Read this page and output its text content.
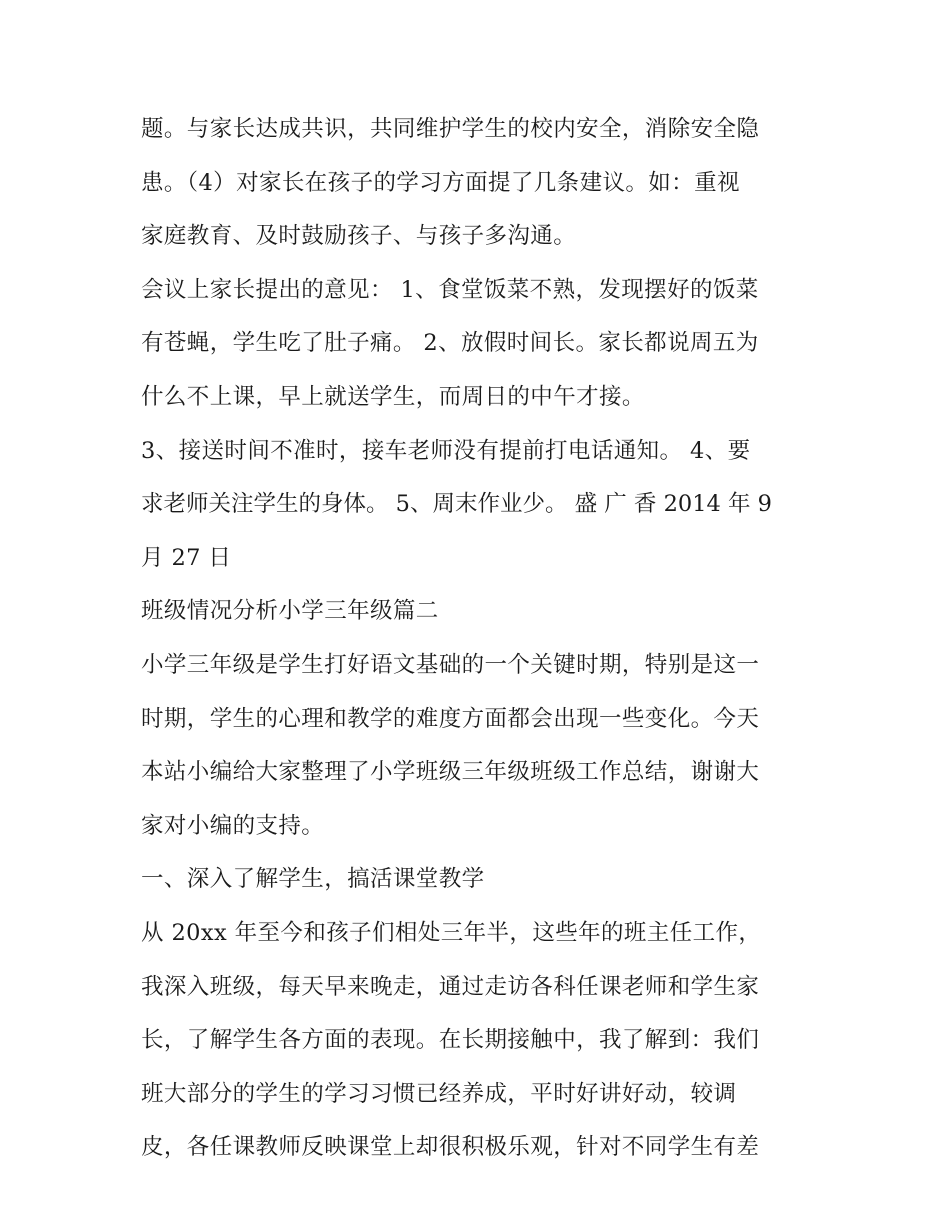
题。与家长达成共识，共同维护学生的校内安全，消除安全隐
患。（4）对家长在孩子的学习方面提了几条建议。如：重视
家庭教育、及时鼓励孩子、与孩子多沟通。
会议上家长提出的意见： 1、食堂饭菜不熟，发现摆好的饭菜
有苍蝇，学生吃了肚子痛。 2、放假时间长。家长都说周五为
什么不上课，早上就送学生，而周日的中午才接。
3、接送时间不准时，接车老师没有提前打电话通知。 4、要
求老师关注学生的身体。 5、周末作业少。 盛 广 香 2014 年 9
月 27 日
班级情况分析小学三年级篇二
小学三年级是学生打好语文基础的一个关键时期，特别是这一
时期，学生的心理和教学的难度方面都会出现一些变化。今天
本站小编给大家整理了小学班级三年级班级工作总结，谢谢大
家对小编的支持。
一、深入了解学生，搞活课堂教学
从 20xx 年至今和孩子们相处三年半，这些年的班主任工作，
我深入班级，每天早来晚走，通过走访各科任课老师和学生家
长，了解学生各方面的表现。在长期接触中，我了解到：我们
班大部分的学生的学习习惯已经养成，平时好讲好动，较调
皮，各任课教师反映课堂上却很积极乐观，针对不同学生有差
